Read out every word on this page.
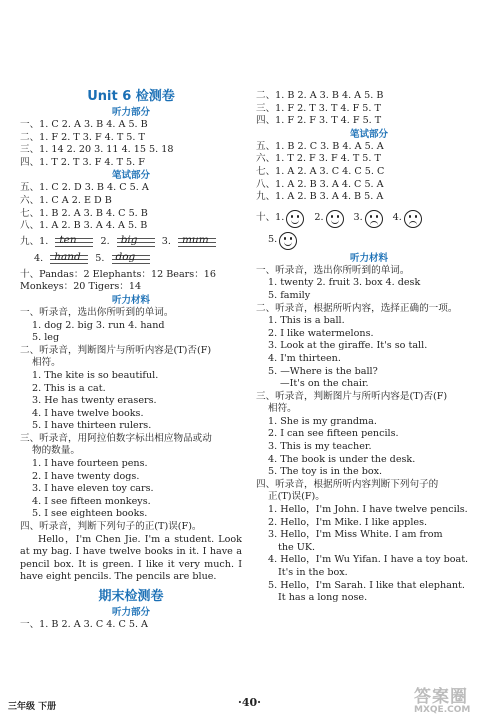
Unit 6 检测卷
听力部分
一、1. C 2. A 3. B 4. A 5. B
二、1. F 2. T 3. F 4. T 5. T
三、1. 14 2. 20 3. 11 4. 15 5. 18
四、1. T 2. T 3. F 4. T 5. F
笔试部分
五、1. C 2. D 3. B 4. C 5. A
六、1. C A 2. E D B
七、1. B 2. A 3. B 4. C 5. B
八、1. A 2. B 3. A 4. A 5. B
九、1. ten 2. big	3. mum
4. hand 5. dog
十、Pandas：2 Elephants：12 Bears：16
Monkeys：20 Tigers：14
听力材料
一、听录音，选出你所听到的单词。
1. dog 2. big 3. run 4. hand
5. leg
二、听录音，判断图片与所听内容是(T)否(F)
相符。
1. The kite is so beautiful.
2. This is a cat.
3. He has twenty erasers.
4. I have twelve books.
5. I have thirteen rulers.
三、听录音，用阿拉伯数字标出相应物品或动
物的数量。
1. I have fourteen pens.
2. I have twenty dogs.
3. I have eleven toy cars.
4. I see fifteen monkeys.
5. I see eighteen books.
四、听录音，判断下列句子的正(T)误(F)。
Hello，I'm Chen Jie. I'm a student. Look at my bag. I have twelve books in it. I have a pencil box. It is green. I like it very much. I have eight pencils. The pencils are blue.
期末检测卷
听力部分
一、1. B 2. A 3. C 4. C 5. A
二、1. B 2. A 3. B 4. A 5. B
三、1. F 2. T 3. T 4. F 5. T
四、1. F 2. F 3. T 4. F 5. T
笔试部分
五、1. B 2. C 3. B 4. A 5. A
六、1. T 2. F 3. F 4. T 5. T
七、1. A 2. A 3. C 4. C 5. C
八、1. A 2. B 3. A 4. C 5. A
九、1. A 2. B 3. A 4. B 5. A
十、1.	2.	3.	4.
5.
听力材料
一、听录音，选出你所听到的单词。
1. twenty 2. fruit 3. box 4. desk
5. family
二、听录音，根据所听内容，选择正确的一项。
1. This is a ball.
2. I like watermelons.
3. Look at the giraffe. It's so tall.
4. I'm thirteen.
5. —Where is the ball?
—It's on the chair.
三、听录音，判断图片与所听内容是(T)否(F)
相符。
1. She is my grandma.
2. I can see fifteen pencils.
3. This is my teacher.
4. The book is under the desk.
5. The toy is in the box.
四、听录音，根据所听内容判断下列句子的
正(T)误(F)。
1. Hello，I'm John. I have twelve pencils.
2. Hello，I'm Mike. I like apples.
3. Hello，I'm Miss White. I am from
the UK.
4. Hello，I'm Wu Yifan. I have a toy boat.
It's in the box.
5. Hello，I'm Sarah. I like that elephant.
It has a long nose.
三年级 下册	·40·	答案圈
MXQE.COM
